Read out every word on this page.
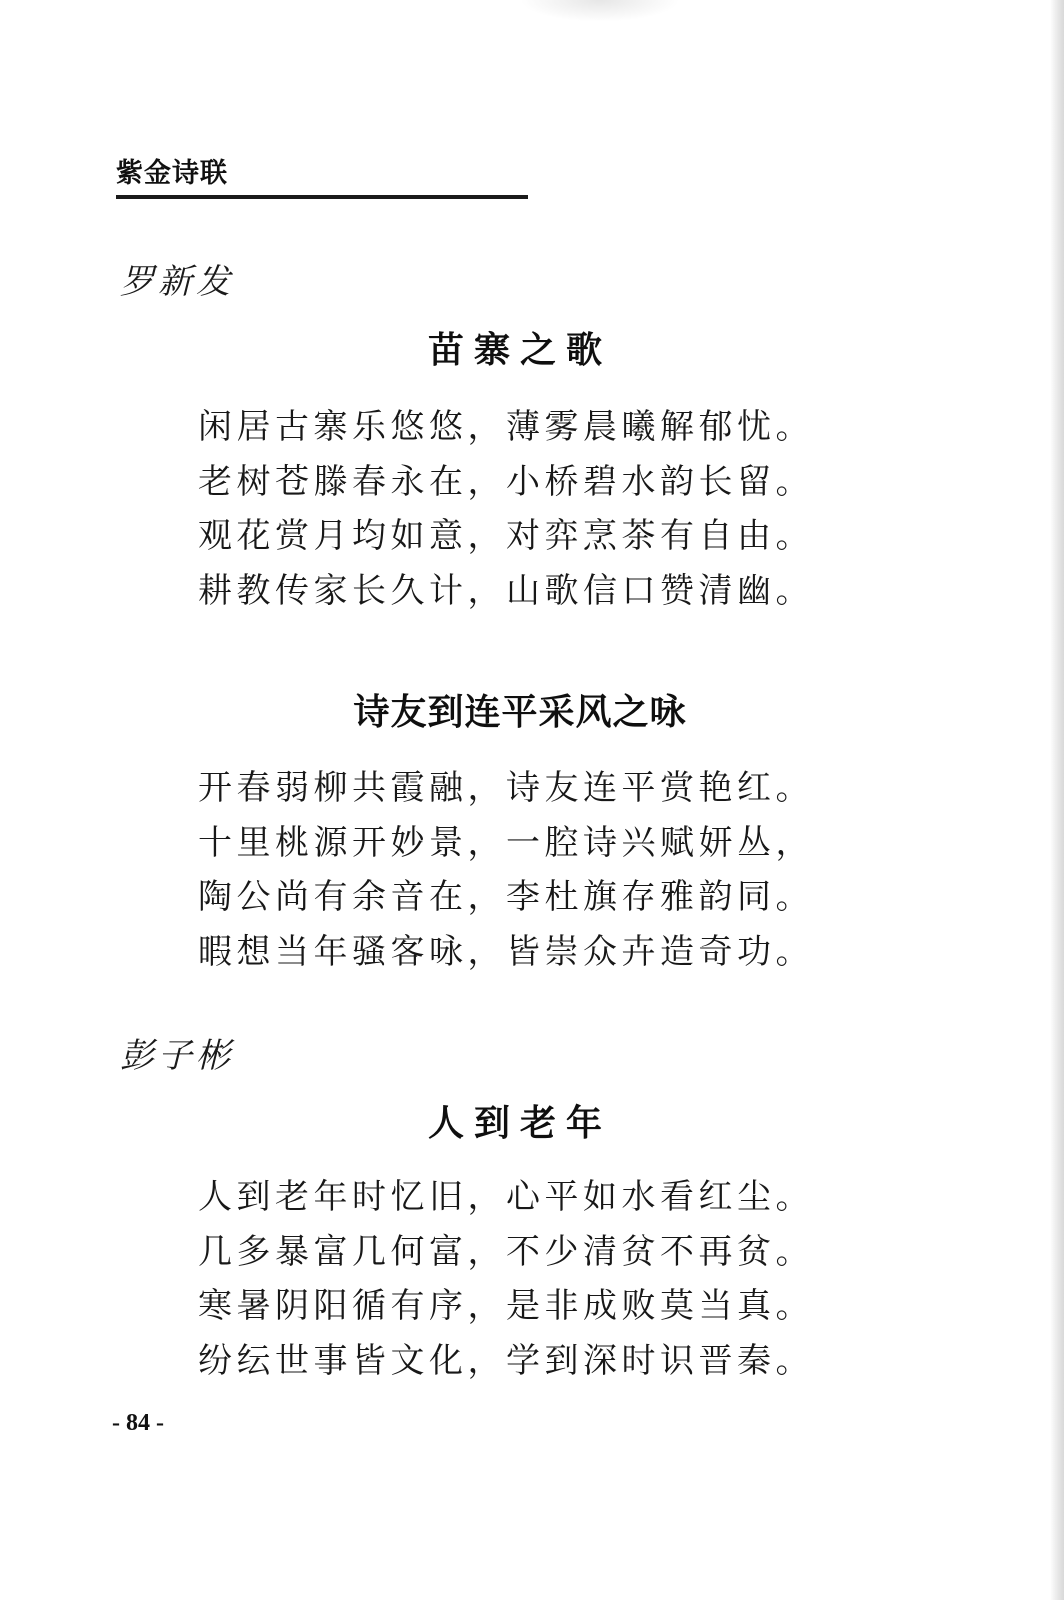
紫金诗联
罗新发
苗寨之歌
闲居古寨乐悠悠，薄雾晨曦解郁忧。
老树苍滕春永在，小桥碧水韵长留。
观花赏月均如意，对弈烹茶有自由。
耕教传家长久计，山歌信口赞清幽。
诗友到连平采风之咏
开春弱柳共霞融，诗友连平赏艳红。
十里桃源开妙景，一腔诗兴赋妍丛，
陶公尚有余音在，李杜旗存雅韵同。
暇想当年骚客咏，皆崇众卉造奇功。
彭子彬
人到老年
人到老年时忆旧，心平如水看红尘。
几多暴富几何富，不少清贫不再贫。
寒暑阴阳循有序，是非成败莫当真。
纷纭世事皆文化，学到深时识晋秦。
- 84 -
